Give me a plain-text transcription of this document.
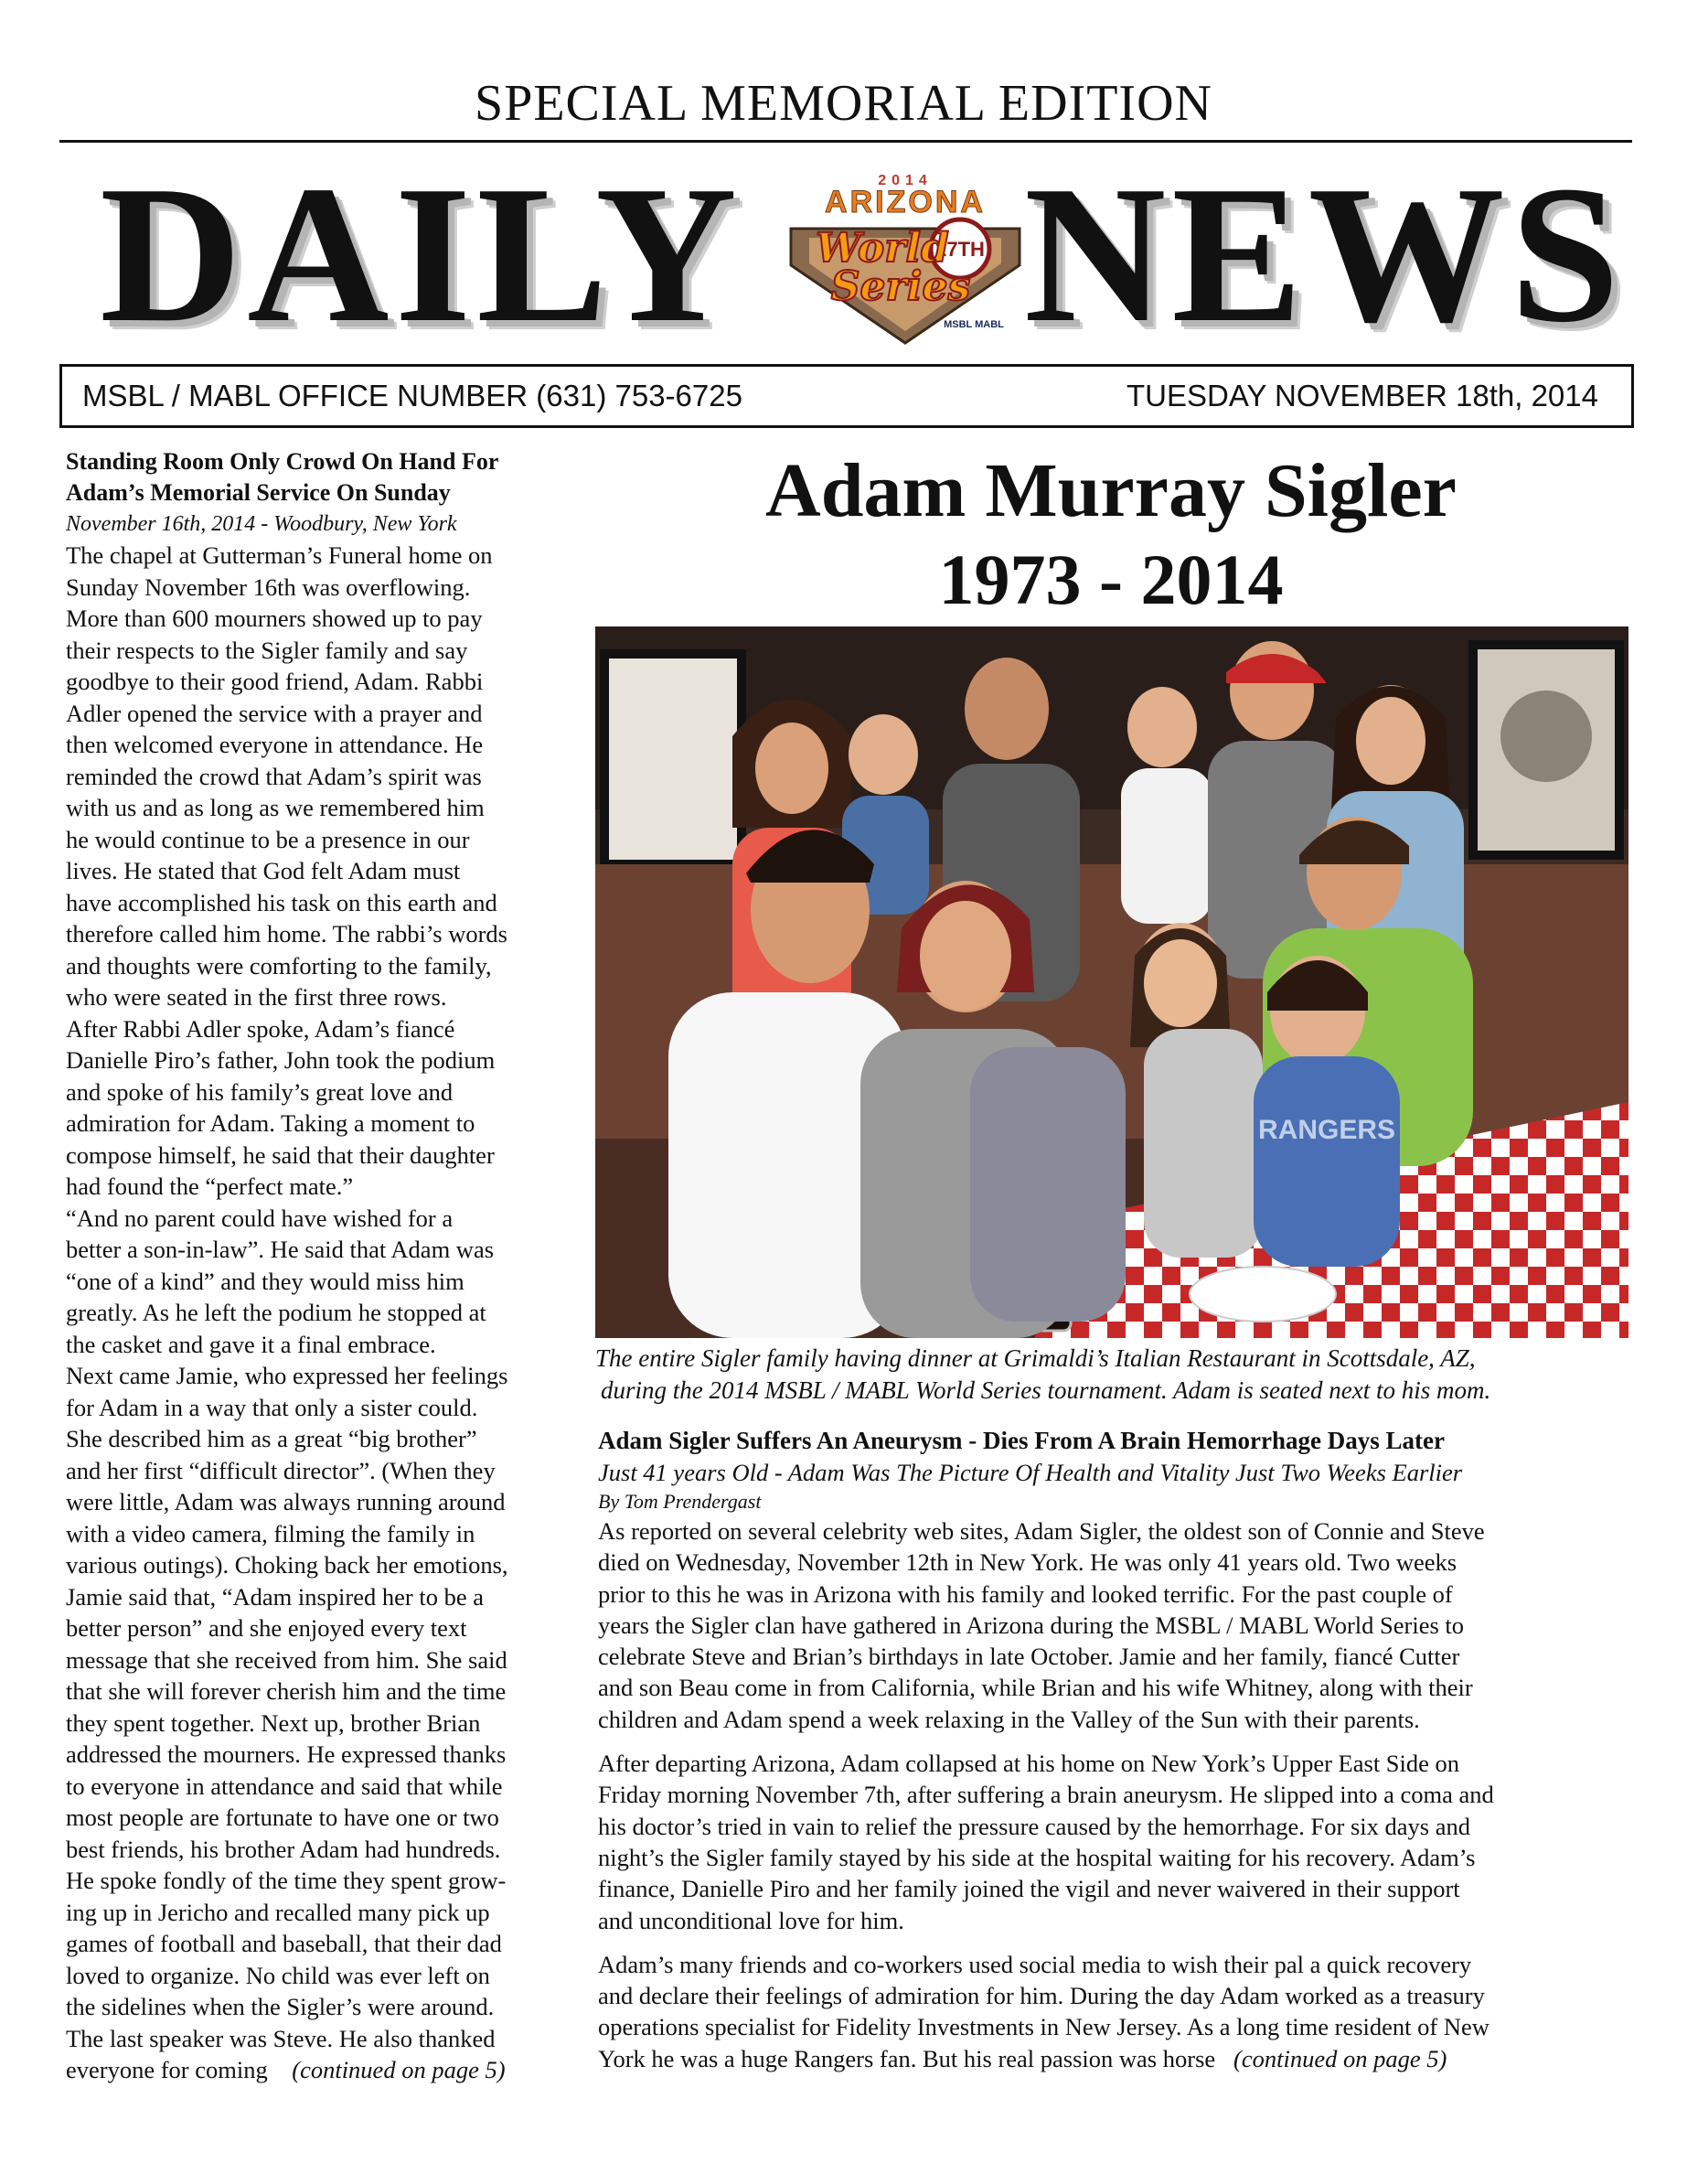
SPECIAL MEMORIAL EDITION
DAILY NEWS
2014
ARIZONA
27TH
World
Series
MSBL MABL
MSBL / MABL OFFICE NUMBER (631) 753-6725	TUESDAY NOVEMBER 18th, 2014
Standing Room Only Crowd On Hand For
Adam’s Memorial Service On Sunday
November 16th, 2014 - Woodbury, New York
The chapel at Gutterman’s Funeral home on
Sunday November 16th was overflowing.
More than 600 mourners showed up to pay
their respects to the Sigler family and say
goodbye to their good friend, Adam. Rabbi
Adler opened the service with a prayer and
then welcomed everyone in attendance. He
reminded the crowd that Adam’s spirit was
with us and as long as we remembered him
he would continue to be a presence in our
lives. He stated that God felt Adam must
have accomplished his task on this earth and
therefore called him home. The rabbi’s words
and thoughts were comforting to the family,
who were seated in the first three rows.
After Rabbi Adler spoke, Adam’s fiancé
Danielle Piro’s father, John took the podium
and spoke of his family’s great love and
admiration for Adam. Taking a moment to
compose himself, he said that their daughter
had found the “perfect mate.”
“And no parent could have wished for a
better a son-in-law”. He said that Adam was
“one of a kind” and they would miss him
greatly. As he left the podium he stopped at
the casket and gave it a final embrace.
Next came Jamie, who expressed her feelings
for Adam in a way that only a sister could.
She described him as a great “big brother”
and her first “difficult director”. (When they
were little, Adam was always running around
with a video camera, filming the family in
various outings). Choking back her emotions,
Jamie said that, “Adam inspired her to be a
better person” and she enjoyed every text
message that she received from him. She said
that she will forever cherish him and the time
they spent together. Next up, brother Brian
addressed the mourners. He expressed thanks
to everyone in attendance and said that while
most people are fortunate to have one or two
best friends, his brother Adam had hundreds.
He spoke fondly of the time they spent grow-
ing up in Jericho and recalled many pick up
games of football and baseball, that their dad
loved to organize. No child was ever left on
the sidelines when the Sigler’s were around.
The last speaker was Steve. He also thanked
everyone for coming (continued on page 5)
Adam Murray Sigler
1973 - 2014
RANGERS
The entire Sigler family having dinner at Grimaldi’s Italian Restaurant in Scottsdale, AZ,
during the 2014 MSBL / MABL World Series tournament. Adam is seated next to his mom.
Adam Sigler Suffers An Aneurysm - Dies From A Brain Hemorrhage Days Later
Just 41 years Old - Adam Was The Picture Of Health and Vitality Just Two Weeks Earlier
By Tom Prendergast
As reported on several celebrity web sites, Adam Sigler, the oldest son of Connie and Steve
died on Wednesday, November 12th in New York. He was only 41 years old. Two weeks
prior to this he was in Arizona with his family and looked terrific. For the past couple of
years the Sigler clan have gathered in Arizona during the MSBL / MABL World Series to
celebrate Steve and Brian’s birthdays in late October. Jamie and her family, fiancé Cutter
and son Beau come in from California, while Brian and his wife Whitney, along with their
children and Adam spend a week relaxing in the Valley of the Sun with their parents.
After departing Arizona, Adam collapsed at his home on New York’s Upper East Side on
Friday morning November 7th, after suffering a brain aneurysm. He slipped into a coma and
his doctor’s tried in vain to relief the pressure caused by the hemorrhage. For six days and
night’s the Sigler family stayed by his side at the hospital waiting for his recovery. Adam’s
finance, Danielle Piro and her family joined the vigil and never waivered in their support
and unconditional love for him.
Adam’s many friends and co-workers used social media to wish their pal a quick recovery
and declare their feelings of admiration for him. During the day Adam worked as a treasury
operations specialist for Fidelity Investments in New Jersey. As a long time resident of New
York he was a huge Rangers fan. But his real passion was horse (continued on page 5)
